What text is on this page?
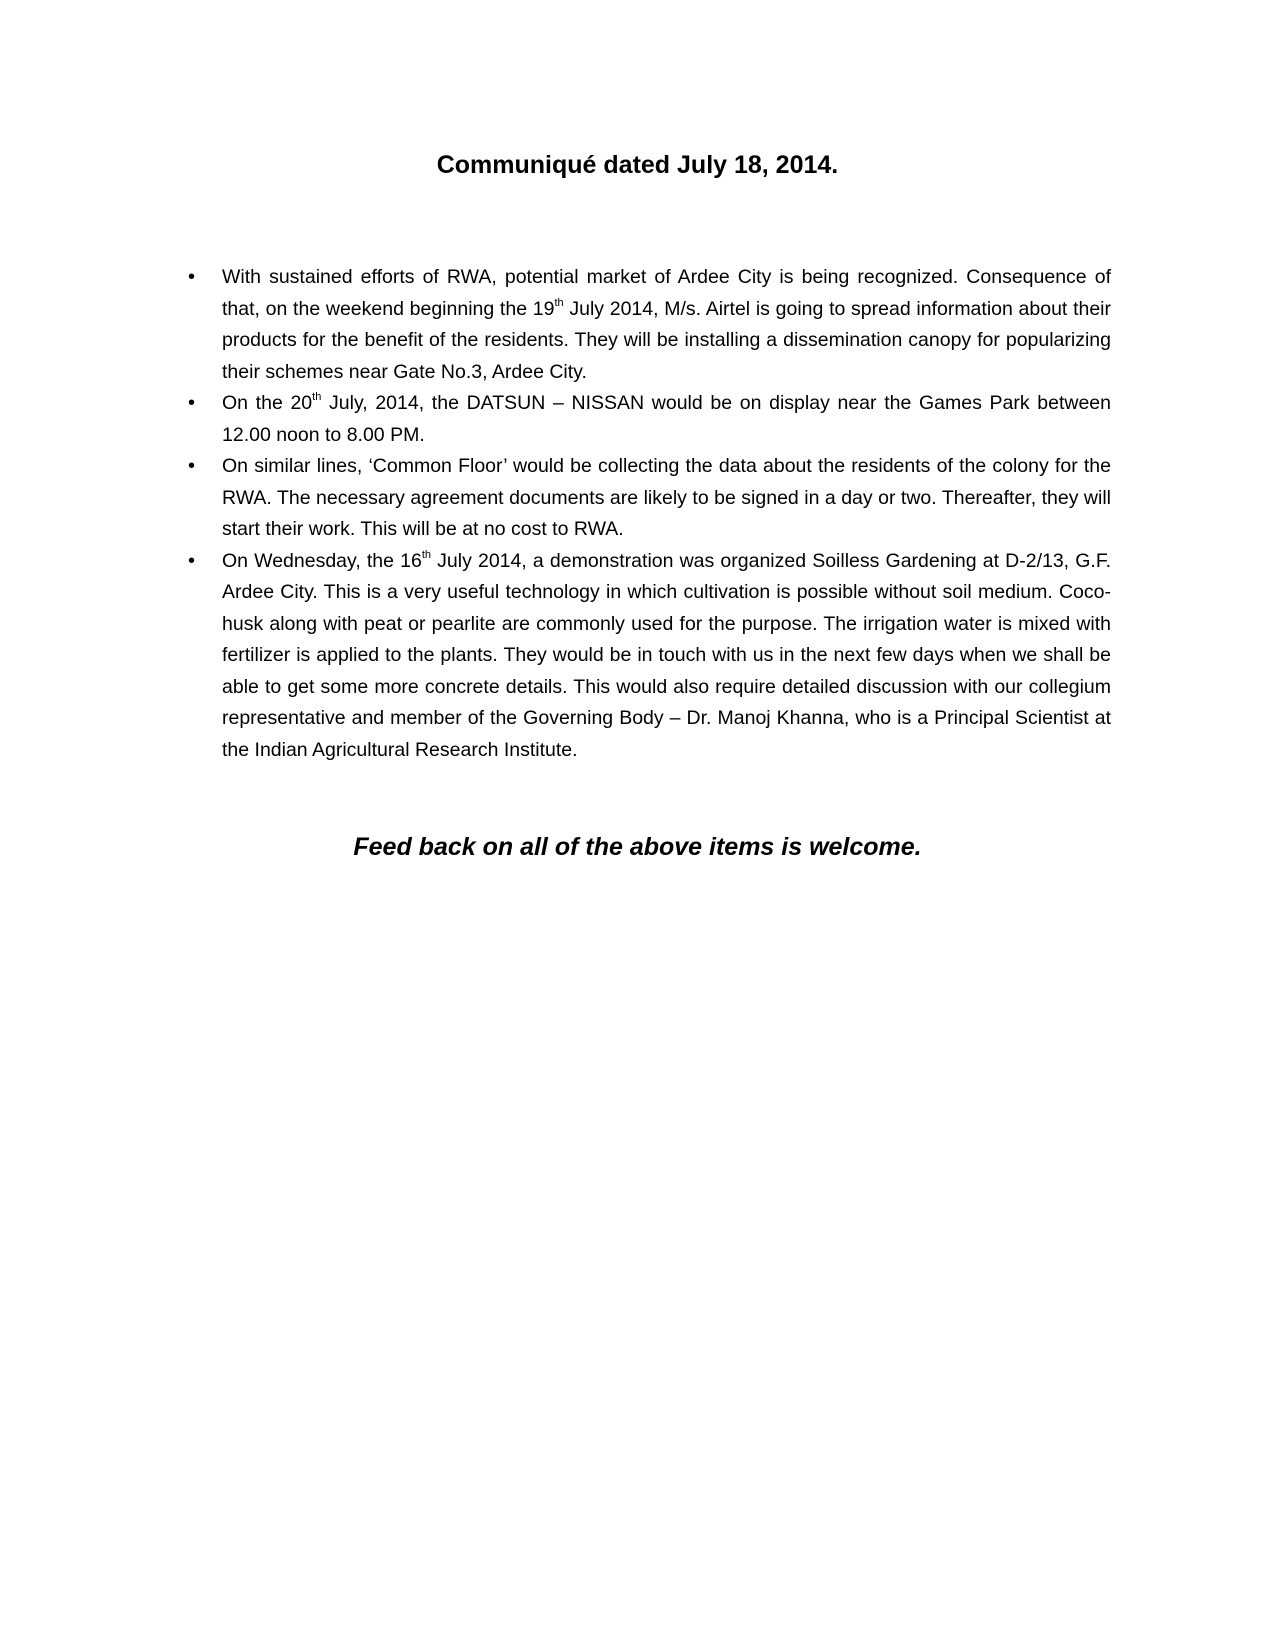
Communiqué dated July 18, 2014.
•	With sustained efforts of RWA, potential market of Ardee City is being recognized. Consequence of that, on the weekend beginning the 19th July 2014, M/s. Airtel is going to spread information about their products for the benefit of the residents. They will be installing a dissemination canopy for popularizing their schemes near Gate No.3, Ardee City.
•	On the 20th July, 2014, the DATSUN – NISSAN would be on display near the Games Park between 12.00 noon to 8.00 PM.
•	On similar lines, ‘Common Floor’ would be collecting the data about the residents of the colony for the RWA. The necessary agreement documents are likely to be signed in a day or two. Thereafter, they will start their work. This will be at no cost to RWA.
•	On Wednesday, the 16th July 2014, a demonstration was organized Soilless Gardening at D-2/13, G.F. Ardee City. This is a very useful technology in which cultivation is possible without soil medium. Coco-husk along with peat or pearlite are commonly used for the purpose. The irrigation water is mixed with fertilizer is applied to the plants. They would be in touch with us in the next few days when we shall be able to get some more concrete details. This would also require detailed discussion with our collegium representative and member of the Governing Body – Dr. Manoj Khanna, who is a Principal Scientist at the Indian Agricultural Research Institute.

Feed back on all of the above items is welcome.
